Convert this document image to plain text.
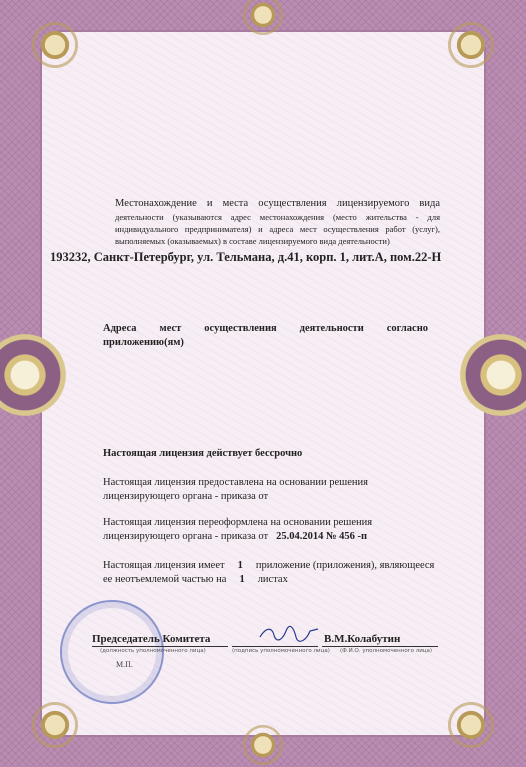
Местонахождение и места осуществления лицензируемого вида
деятельности (указываются адрес местонахождения (место жительства - для
индивидуального предпринимателя) и адреса мест осуществления работ (услуг),
выполняемых (оказываемых) в составе лицензируемого вида деятельности)
193232, Санкт-Петербург, ул. Тельмана, д.41, корп. 1, лит.А, пом.22-Н
Адреса мест осуществления деятельности согласно
приложению(ям)
Настоящая лицензия действует бессрочно
Настоящая лицензия предоставлена на основании решения
лицензирующего органа - приказа от
Настоящая лицензия переоформлена на основании решения
лицензирующего органа - приказа от 25.04.2014 № 456 -п
Настоящая лицензия имеет 1 приложение (приложения), являющееся
ее неотъемлемой частью на 1 листах
Председатель Комитета
(должность уполномоченного лица)	(подпись уполномоченного лица)
В.М.Колабутин
(Ф.И.О. уполномоченного лица)
М.П.
